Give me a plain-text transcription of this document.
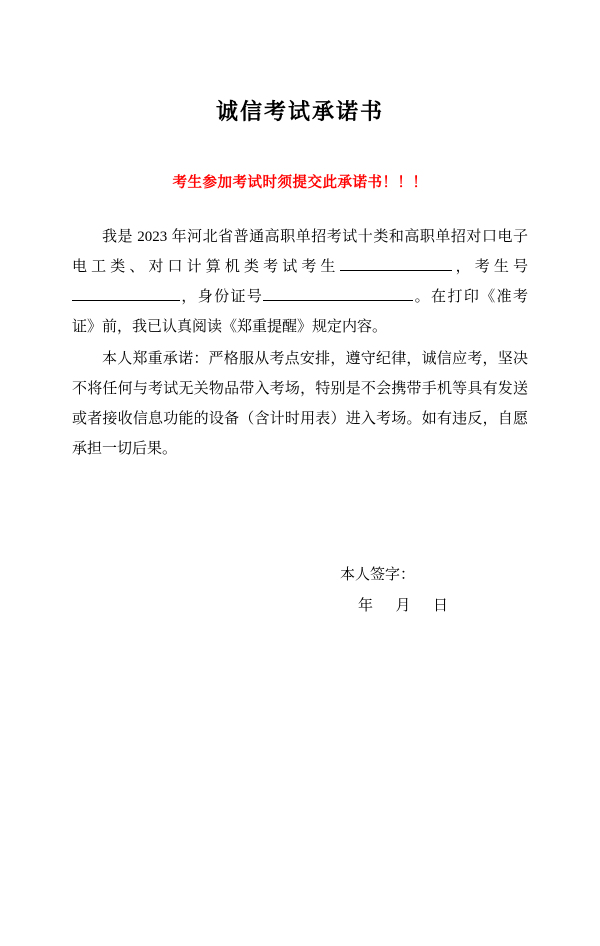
诚信考试承诺书
考生参加考试时须提交此承诺书！！！

我是 2023 年河北省普通高职单招考试十类和高职单招对口电子电工类、对口计算机类考试考生	，考生号，身份证号	。在打印《准考证》前，我已认真阅读《郑重提醒》规定内容。

本人郑重承诺：严格服从考点安排，遵守纪律，诚信应考，坚决不将任何与考试无关物品带入考场，特别是不会携带手机等具有发送或者接收信息功能的设备（含计时用表）进入考场。如有违反，自愿承担一切后果。

本人签字：
年      月      日
